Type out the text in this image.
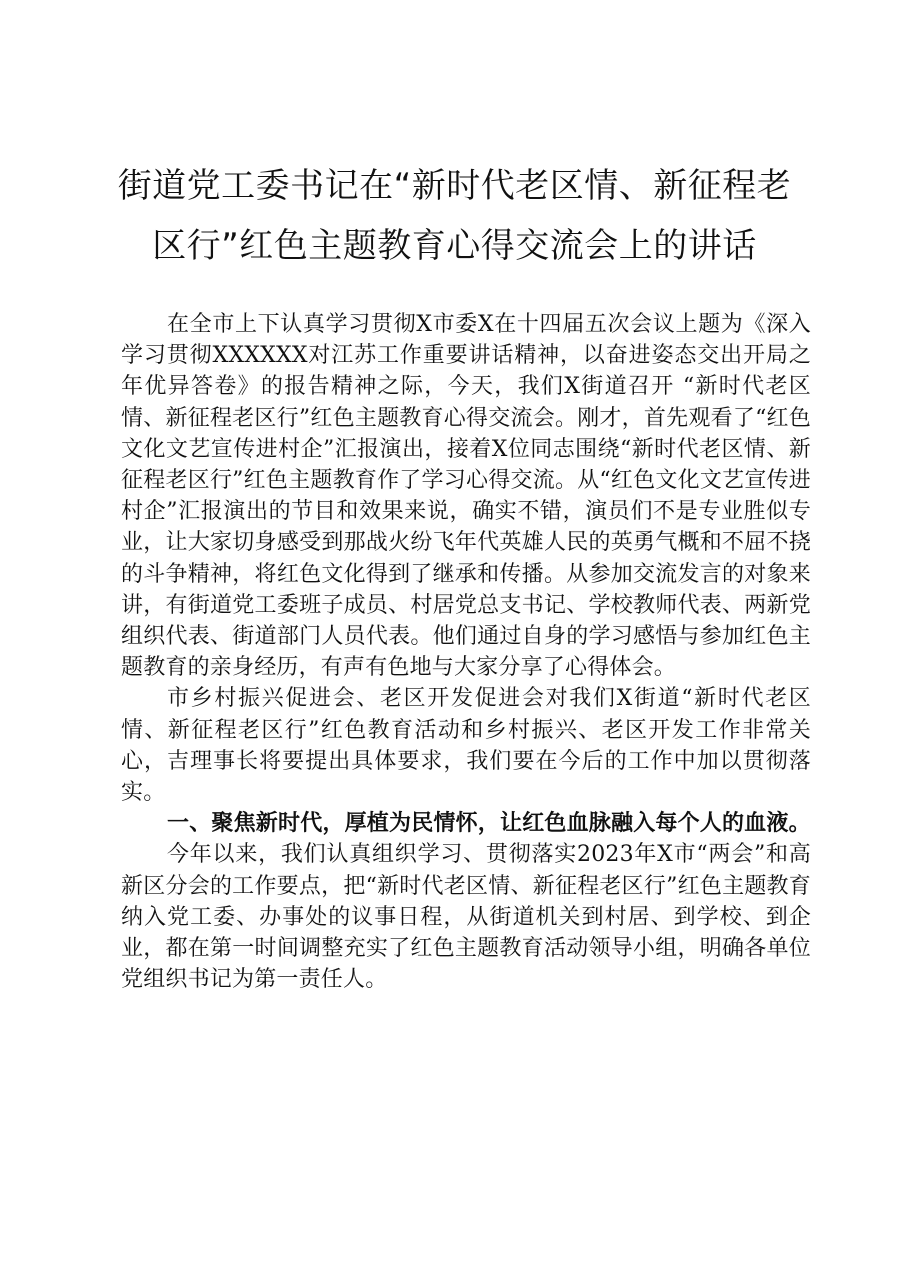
街道党工委书记在“新时代老区情、新征程老
区行”红色主题教育心得交流会上的讲话

在全市上下认真学习贯彻X市委X在十四届五次会议上题为《深入学习贯彻XXXXXX对江苏工作重要讲话精神，以奋进姿态交出开局之年优异答卷》的报告精神之际，今天，我们X街道召开 “新时代老区情、新征程老区行”红色主题教育心得交流会。刚才，首先观看了“红色文化文艺宣传进村企”汇报演出，接着X位同志围绕“新时代老区情、新征程老区行”红色主题教育作了学习心得交流。从“红色文化文艺宣传进村企”汇报演出的节目和效果来说，确实不错，演员们不是专业胜似专业，让大家切身感受到那战火纷飞年代英雄人民的英勇气概和不屈不挠的斗争精神，将红色文化得到了继承和传播。从参加交流发言的对象来讲，有街道党工委班子成员、村居党总支书记、学校教师代表、两新党组织代表、街道部门人员代表。他们通过自身的学习感悟与参加红色主题教育的亲身经历，有声有色地与大家分享了心得体会。

市乡村振兴促进会、老区开发促进会对我们X街道“新时代老区情、新征程老区行”红色教育活动和乡村振兴、老区开发工作非常关心，吉理事长将要提出具体要求，我们要在今后的工作中加以贯彻落实。

一、聚焦新时代，厚植为民情怀，让红色血脉融入每个人的血液。

今年以来，我们认真组织学习、贯彻落实2023年X市“两会”和高新区分会的工作要点，把“新时代老区情、新征程老区行”红色主题教育纳入党工委、办事处的议事日程，从街道机关到村居、到学校、到企业，都在第一时间调整充实了红色主题教育活动领导小组，明确各单位党组织书记为第一责任人。
